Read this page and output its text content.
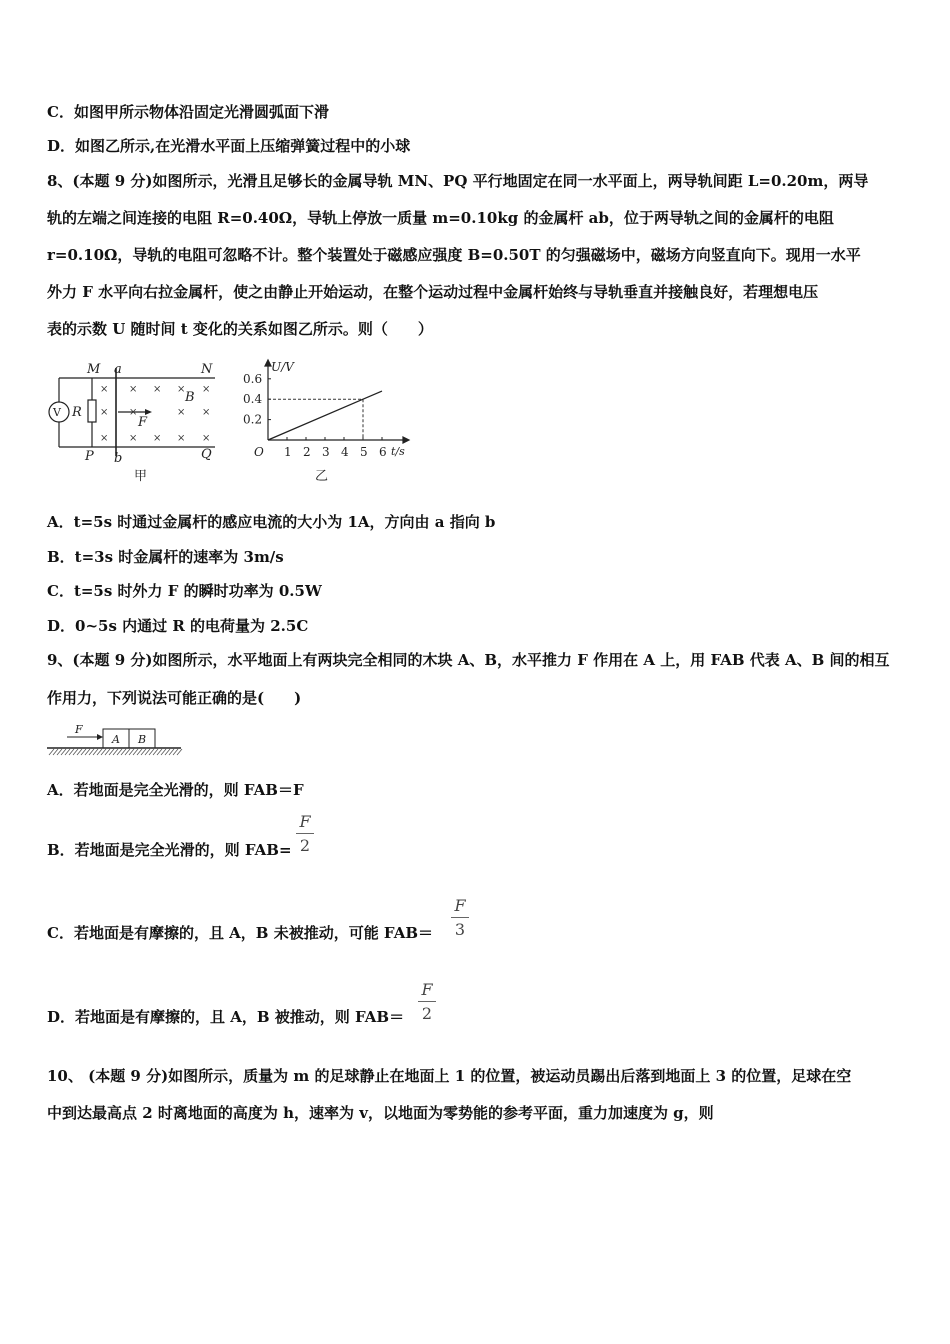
C．如图甲所示物体沿固定光滑圆弧面下滑
D．如图乙所示,在光滑水平面上压缩弹簧过程中的小球
8、(本题 9 分)如图所示，光滑且足够长的金属导轨 MN、PQ 平行地固定在同一水平面上，两导轨间距 L=0.20m，两导
轨的左端之间连接的电阻 R=0.40Ω，导轨上停放一质量 m=0.10kg 的金属杆 ab，位于两导轨之间的金属杆的电阻
r=0.10Ω，导轨的电阻可忽略不计。整个装置处于磁感应强度 B=0.50T 的匀强磁场中，磁场方向竖直向下。现用一水平
外力 F 水平向右拉金属杆，使之由静止开始运动，在整个运动过程中金属杆始终与导轨垂直并接触良好，若理想电压
表的示数 U 随时间 t 变化的关系如图乙所示。则（　　）
V R
M a	N
P b	Q
F
B
× × × × ×
× ×	× ×
× × × × ×
甲
1 2 3 4 5 6
0.6
0.4
0.2
U/V
t/s
O
乙
A．t=5s 时通过金属杆的感应电流的大小为 1A，方向由 a 指向 b
B．t=3s 时金属杆的速率为 3m/s
C．t=5s 时外力 F 的瞬时功率为 0.5W
D．0~5s 内通过 R 的电荷量为 2.5C
9、(本题 9 分)如图所示，水平地面上有两块完全相同的木块 A、B，水平推力 F 作用在 A 上，用 FAB 代表 A、B 间的相互
作用力，下列说法可能正确的是(　　)
F
A B
A．若地面是完全光滑的，则 FAB＝F
B．若地面是完全光滑的，则 FAB=
F
2
C．若地面是有摩擦的，且 A，B 未被推动，可能 FAB＝
F
3
D．若地面是有摩擦的，且 A，B 被推动，则 FAB＝
F
2
10、 (本题 9 分)如图所示，质量为 m 的足球静止在地面上 1 的位置，被运动员踢出后落到地面上 3 的位置，足球在空
中到达最高点 2 时离地面的高度为 h，速率为 v，以地面为零势能的参考平面，重力加速度为 g，则
